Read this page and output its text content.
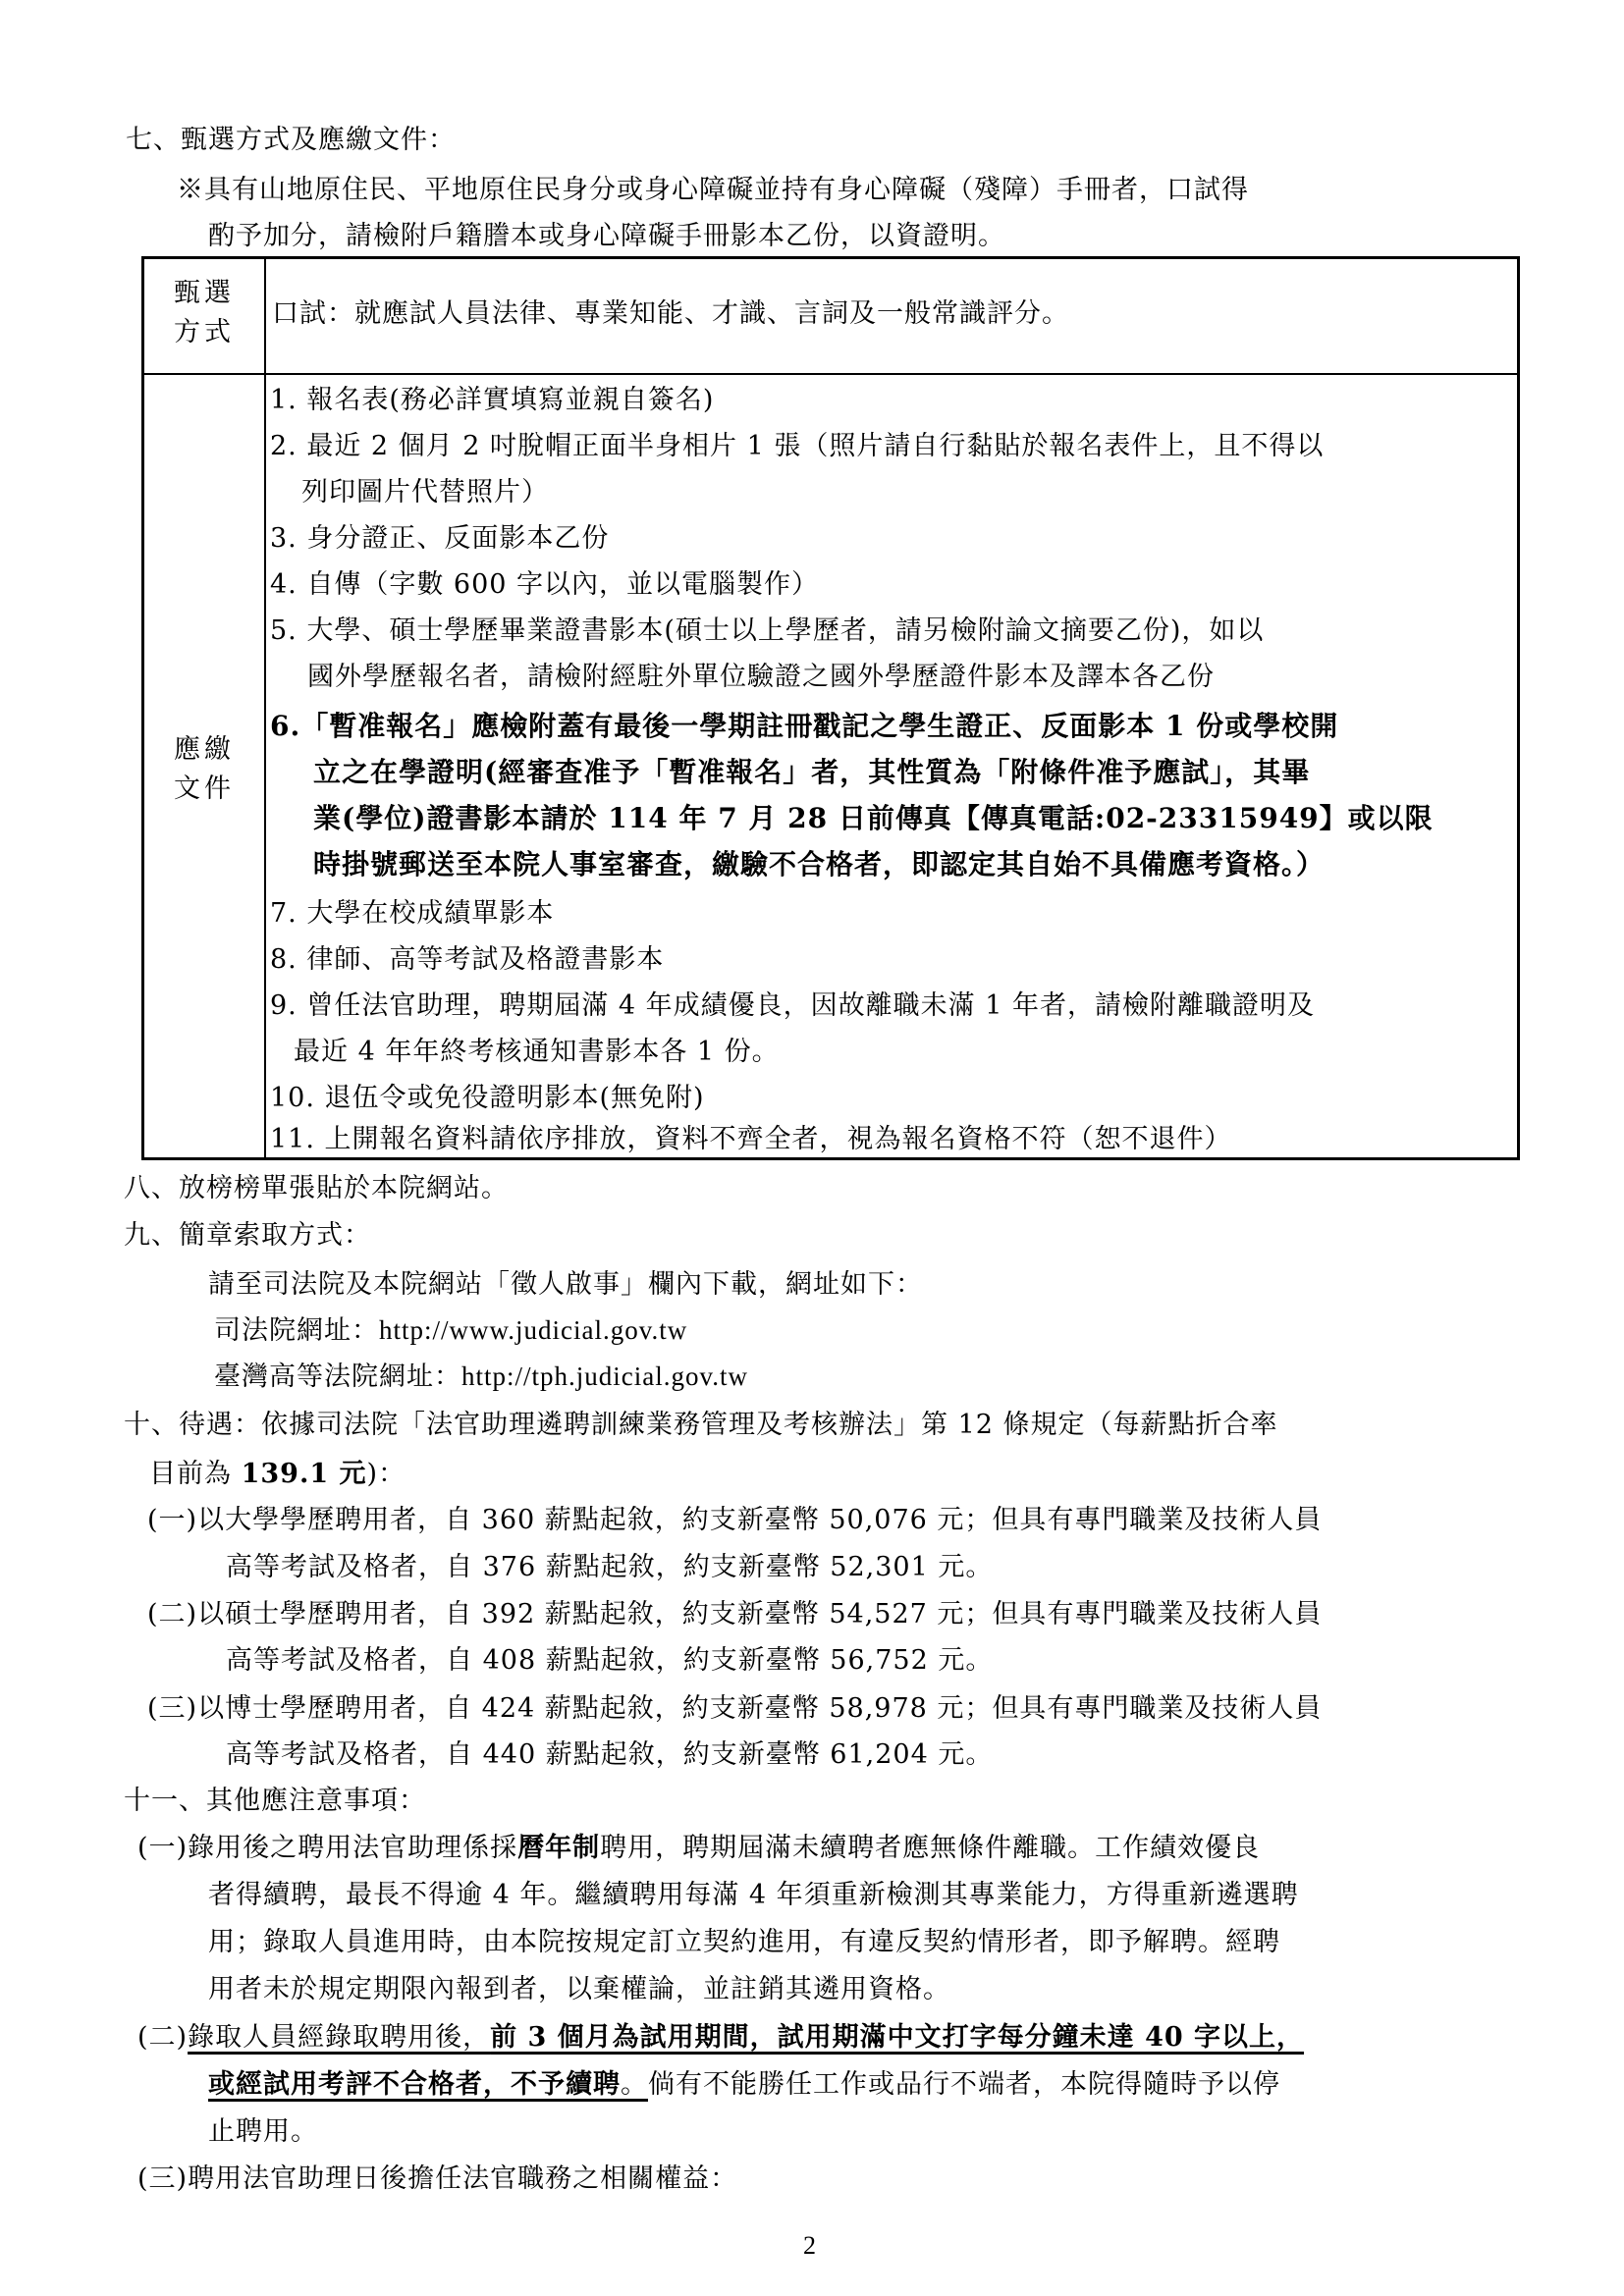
七、甄選方式及應繳文件：
※具有山地原住民、平地原住民身分或身心障礙並持有身心障礙（殘障）手冊者，口試得
酌予加分，請檢附戶籍謄本或身心障礙手冊影本乙份，以資證明。
甄選
方式
口試：就應試人員法律、專業知能、才識、言詞及一般常識評分。
應繳
文件
1. 報名表(務必詳實填寫並親自簽名)
2. 最近 2 個月 2 吋脫帽正面半身相片 1 張（照片請自行黏貼於報名表件上，且不得以
列印圖片代替照片）
3. 身分證正、反面影本乙份
4. 自傳（字數 600 字以內，並以電腦製作）
5. 大學、碩士學歷畢業證書影本(碩士以上學歷者，請另檢附論文摘要乙份)，如以
國外學歷報名者，請檢附經駐外單位驗證之國外學歷證件影本及譯本各乙份
6.「暫准報名」應檢附蓋有最後一學期註冊戳記之學生證正、反面影本 1 份或學校開
立之在學證明(經審查准予「暫准報名」者，其性質為「附條件准予應試」，其畢
業(學位)證書影本請於 114 年 7 月 28 日前傳真【傳真電話:02-23315949】或以限
時掛號郵送至本院人事室審查，繳驗不合格者，即認定其自始不具備應考資格。）
7. 大學在校成績單影本
8. 律師、高等考試及格證書影本
9. 曾任法官助理，聘期屆滿 4 年成績優良，因故離職未滿 1 年者，請檢附離職證明及
最近 4 年年終考核通知書影本各 1 份。
10. 退伍令或免役證明影本(無免附)
11. 上開報名資料請依序排放，資料不齊全者，視為報名資格不符（恕不退件）
八、放榜榜單張貼於本院網站。
九、簡章索取方式：
請至司法院及本院網站「徵人啟事」欄內下載，網址如下：
司法院網址：http://www.judicial.gov.tw
臺灣高等法院網址：http://tph.judicial.gov.tw
十、待遇：依據司法院「法官助理遴聘訓練業務管理及考核辦法」第 12 條規定（每薪點折合率
目前為 139.1 元)：
(一)以大學學歷聘用者，自 360 薪點起敘，約支新臺幣 50,076 元；但具有專門職業及技術人員
高等考試及格者，自 376 薪點起敘，約支新臺幣 52,301 元。
(二)以碩士學歷聘用者，自 392 薪點起敘，約支新臺幣 54,527 元；但具有專門職業及技術人員
高等考試及格者，自 408 薪點起敘，約支新臺幣 56,752 元。
(三)以博士學歷聘用者，自 424 薪點起敘，約支新臺幣 58,978 元；但具有專門職業及技術人員
高等考試及格者，自 440 薪點起敘，約支新臺幣 61,204 元。
十一、其他應注意事項：
(一)錄用後之聘用法官助理係採曆年制聘用，聘期屆滿未續聘者應無條件離職。工作績效優良
者得續聘，最長不得逾 4 年。繼續聘用每滿 4 年須重新檢測其專業能力，方得重新遴選聘
用；錄取人員進用時，由本院按規定訂立契約進用，有違反契約情形者，即予解聘。經聘
用者未於規定期限內報到者，以棄權論，並註銷其遴用資格。
(二)錄取人員經錄取聘用後，前 3 個月為試用期間，試用期滿中文打字每分鐘未達 40 字以上，
或經試用考評不合格者，不予續聘。倘有不能勝任工作或品行不端者，本院得隨時予以停
止聘用。
(三)聘用法官助理日後擔任法官職務之相關權益：
2
